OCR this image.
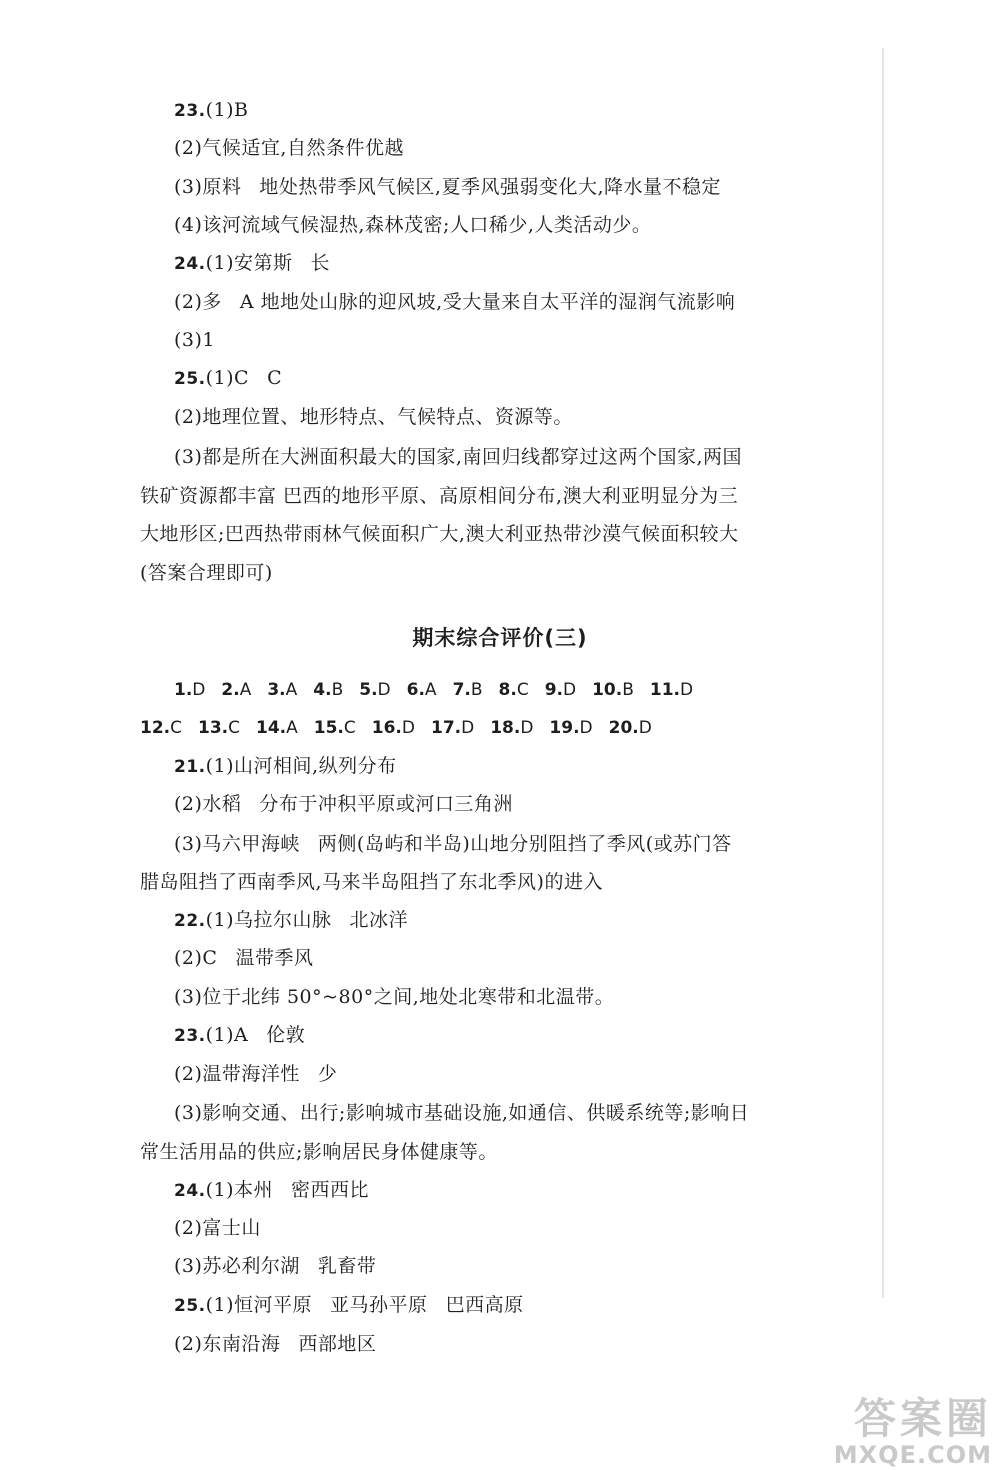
23.(1)B
(2)气候适宜,自然条件优越
(3)原料 地处热带季风气候区,夏季风强弱变化大,降水量不稳定
(4)该河流域气候湿热,森林茂密;人口稀少,人类活动少。
24.(1)安第斯 长
(2)多 A 地地处山脉的迎风坡,受大量来自太平洋的湿润气流影响
(3)1
25.(1)C C
(2)地理位置、地形特点、气候特点、资源等。
(3)都是所在大洲面积最大的国家,南回归线都穿过这两个国家,两国
铁矿资源都丰富 巴西的地形平原、高原相间分布,澳大利亚明显分为三
大地形区;巴西热带雨林气候面积广大,澳大利亚热带沙漠气候面积较大
(答案合理即可)
期末综合评价(三)
1.D 2.A 3.A 4.B 5.D 6.A 7.B 8.C 9.D 10.B 11.D
12.C 13.C 14.A 15.C 16.D 17.D 18.D 19.D 20.D
21.(1)山河相间,纵列分布
(2)水稻 分布于冲积平原或河口三角洲
(3)马六甲海峡 两侧(岛屿和半岛)山地分别阻挡了季风(或苏门答
腊岛阻挡了西南季风,马来半岛阻挡了东北季风)的进入
22.(1)乌拉尔山脉 北冰洋
(2)C 温带季风
(3)位于北纬 50°~80°之间,地处北寒带和北温带。
23.(1)A 伦敦
(2)温带海洋性 少
(3)影响交通、出行;影响城市基础设施,如通信、供暖系统等;影响日
常生活用品的供应;影响居民身体健康等。
24.(1)本州 密西西比
(2)富士山
(3)苏必利尔湖 乳畜带
25.(1)恒河平原 亚马孙平原 巴西高原
(2)东南沿海 西部地区
答案圈
MXQE.COM
